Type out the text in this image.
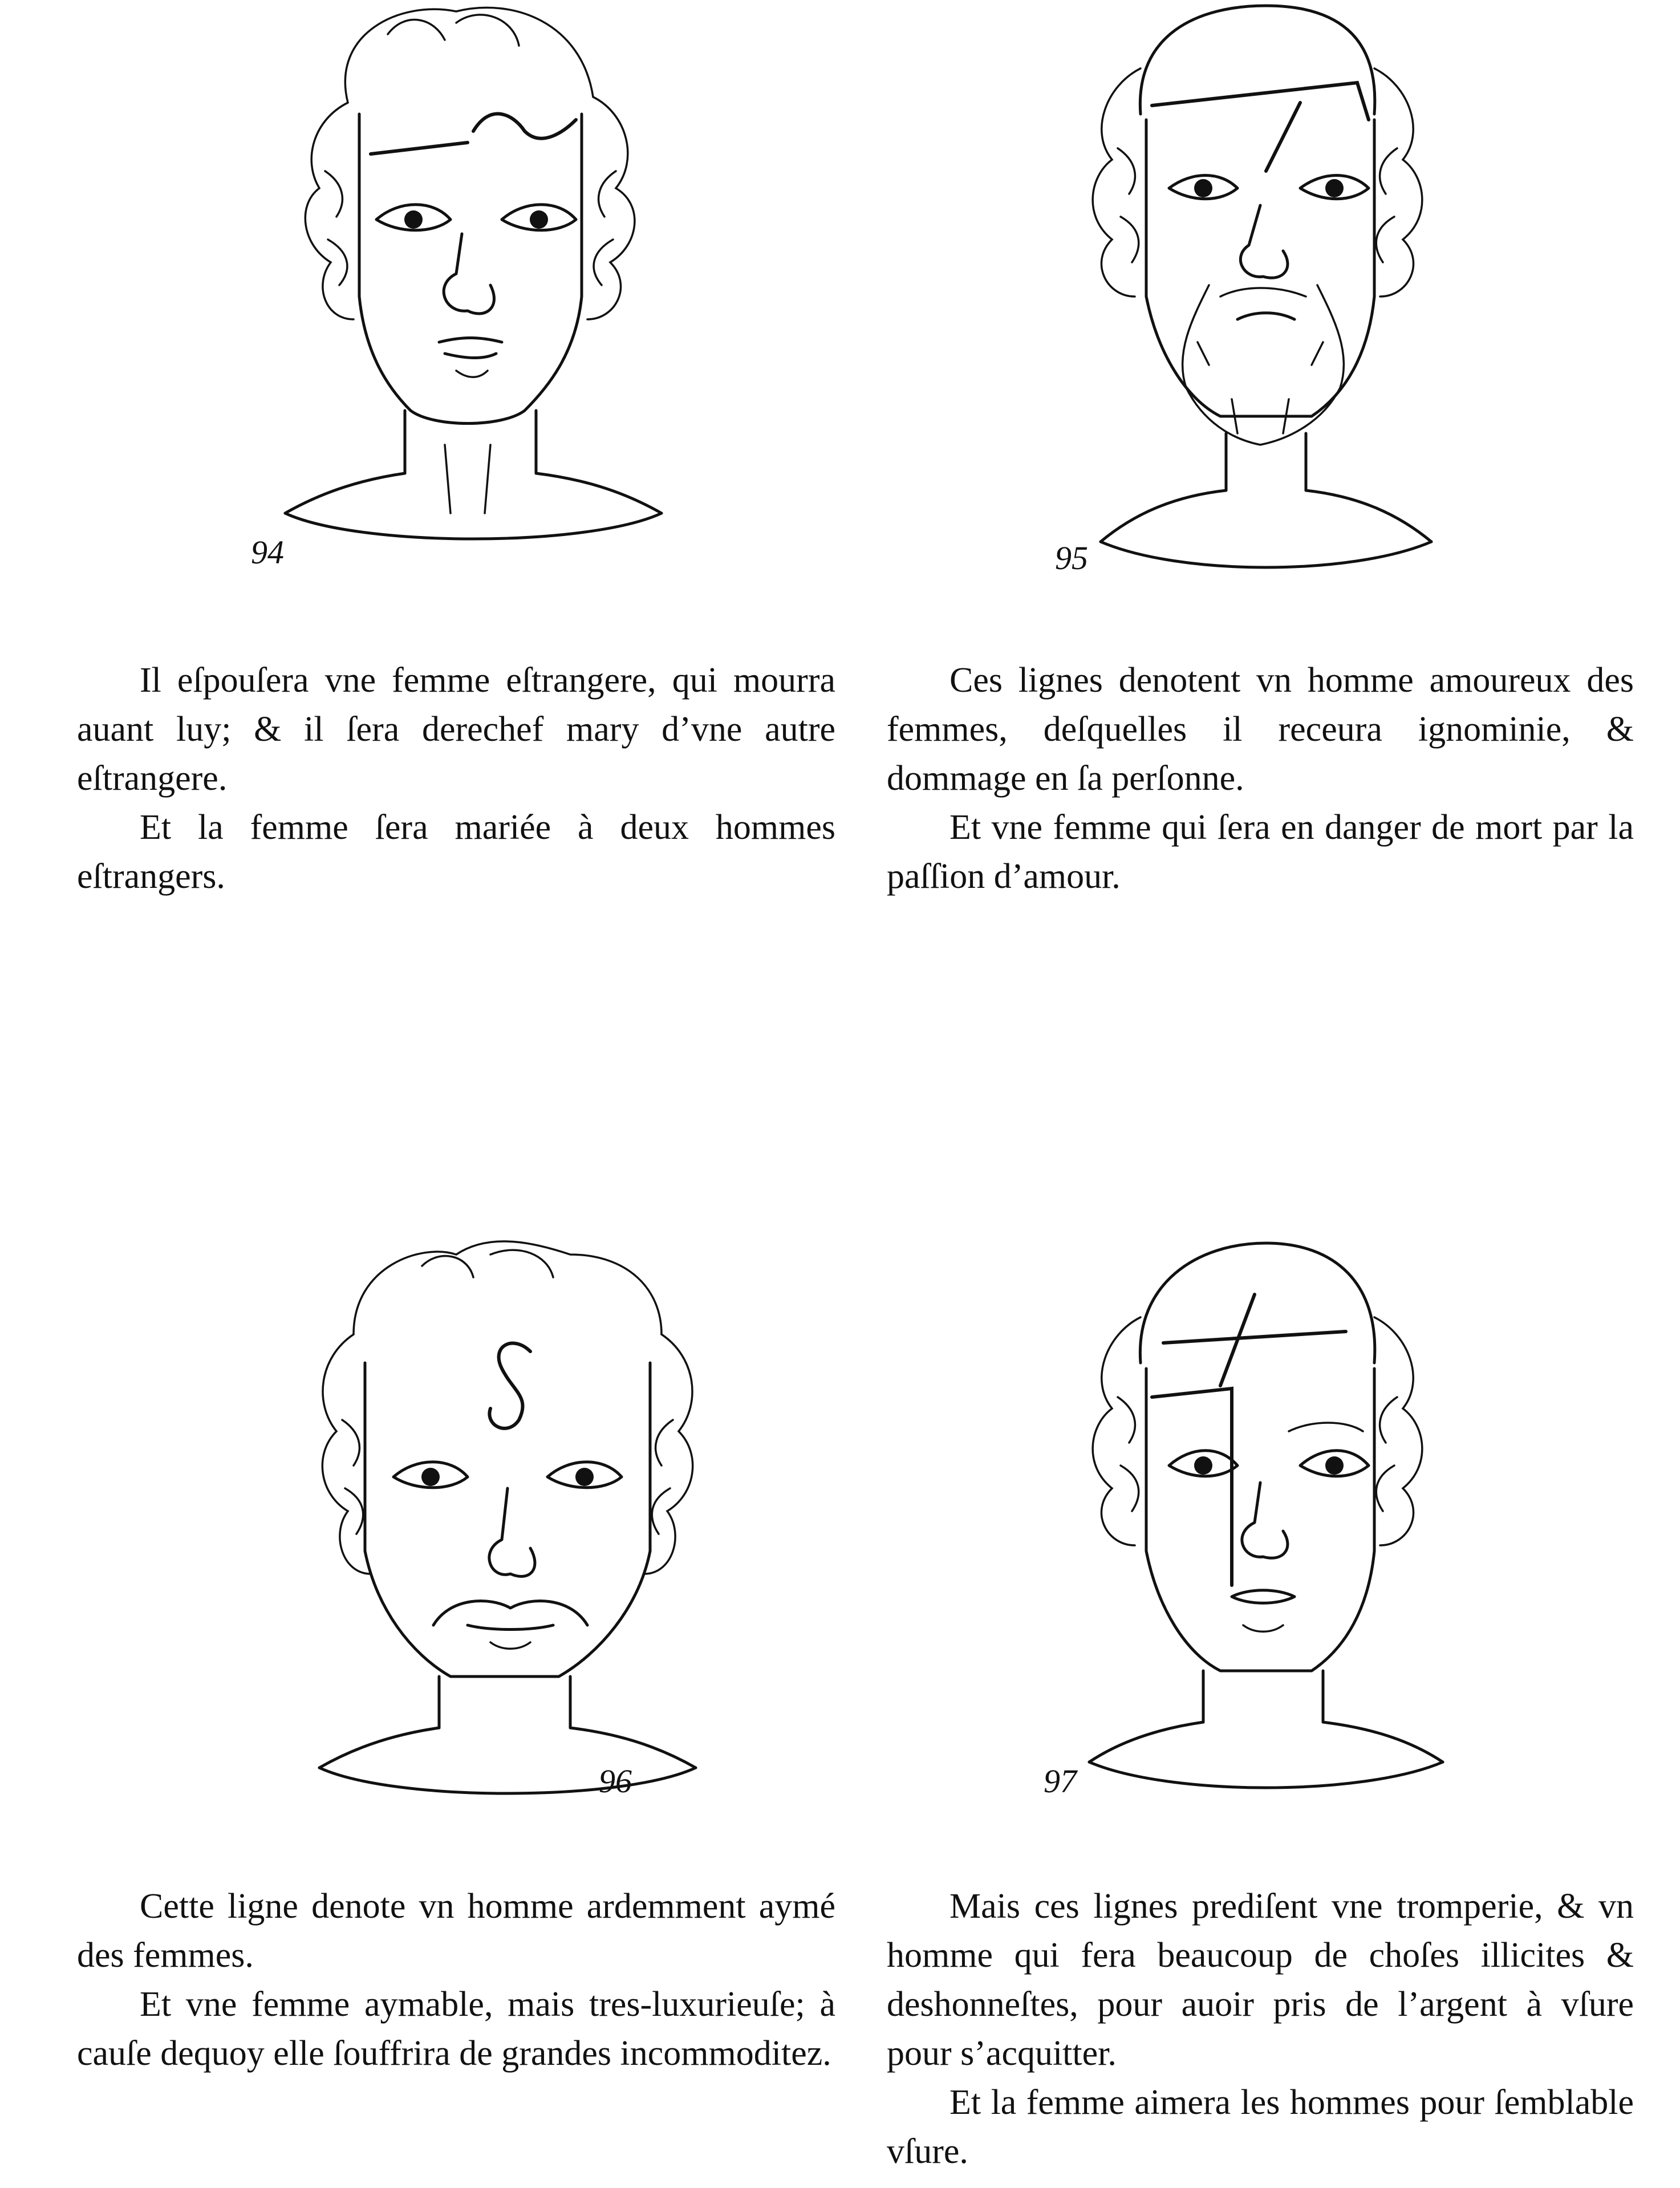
94

Il eſpouſera vne femme eſtrangere, qui mourra auant luy; & il ſera derechef mary d’vne autre eſtrangere.

Et la femme ſera mariée à deux hommes eſtrangers.

95

Ces lignes denotent vn homme amoureux des femmes, deſquelles il receura ignominie, & dommage en ſa perſonne.

Et vne femme qui ſera en danger de mort par la paſſion d’amour.

96

Cette ligne denote vn homme ardemment aymé des femmes.

Et vne femme aymable, mais tres-luxurieuſe; à cauſe dequoy elle ſouffrira de grandes incommoditez.

97

Mais ces lignes prediſent vne tromperie, & vn homme qui fera beaucoup de choſes illicites & deshonneſtes, pour auoir pris de l’argent à vſure pour s’acquitter.

Et la femme aimera les hommes pour ſemblable vſure.
